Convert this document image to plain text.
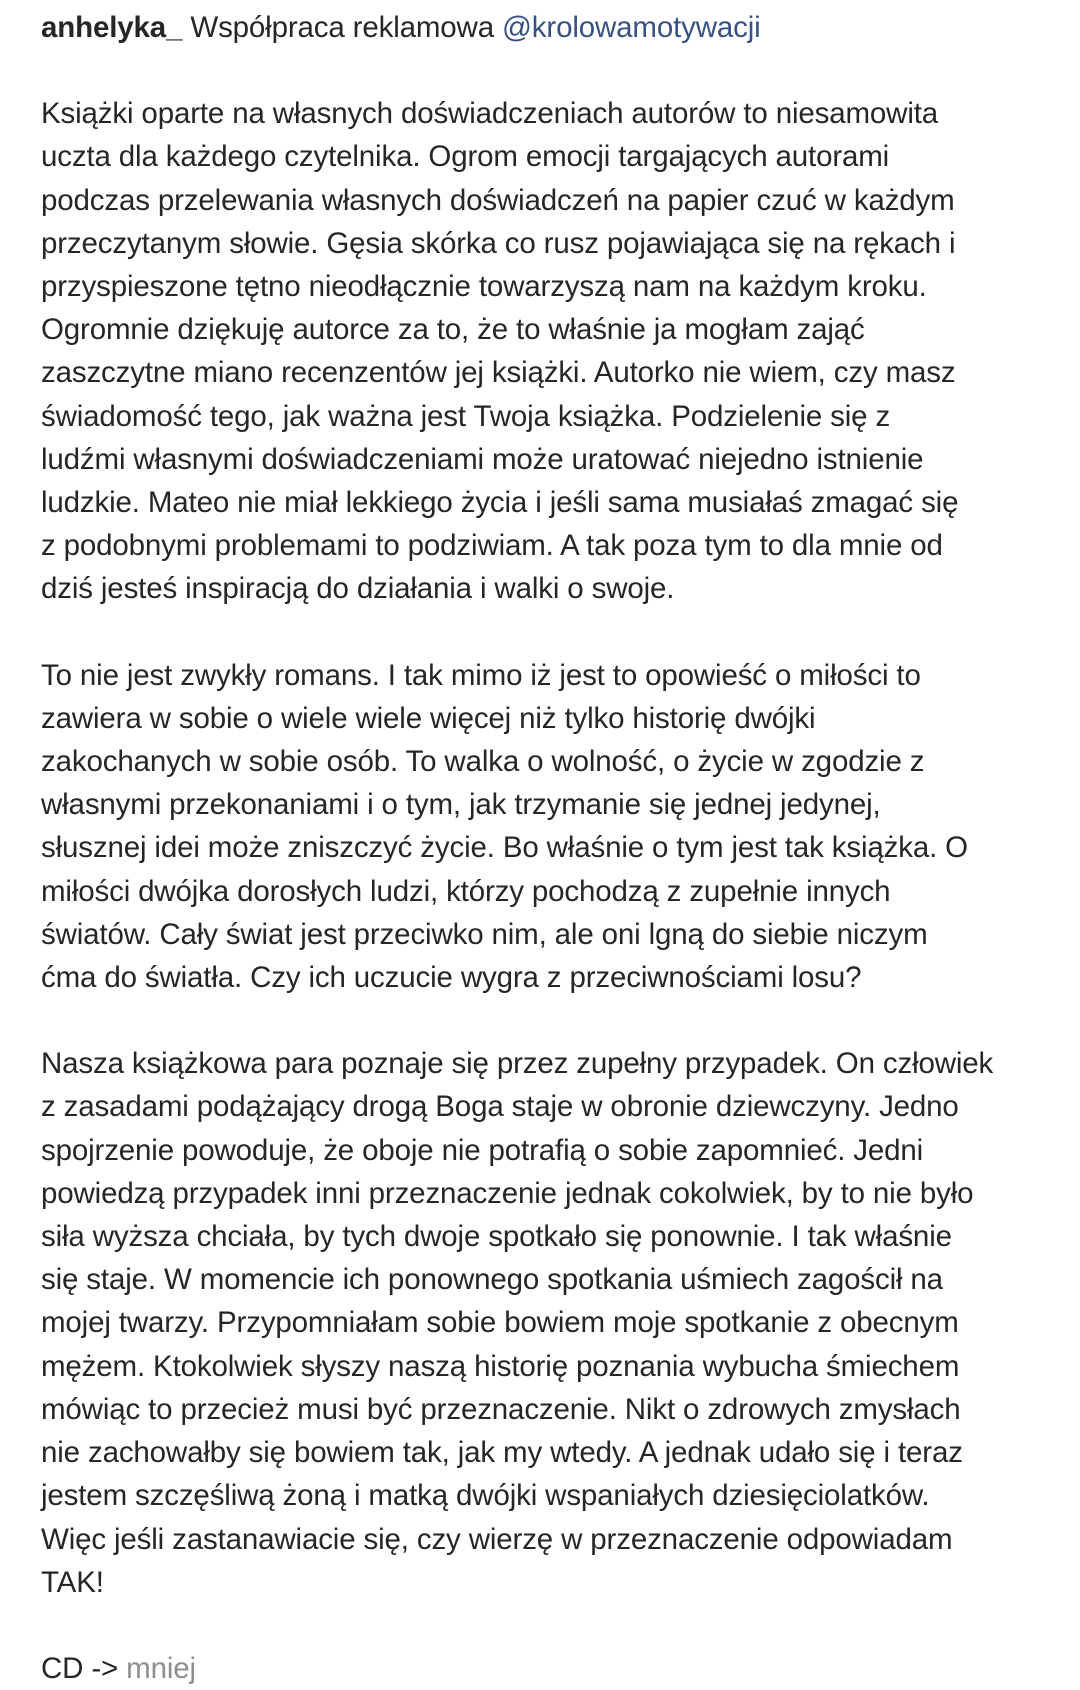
anhelyka_ Współpraca reklamowa @krolowamotywacji

Książki oparte na własnych doświadczeniach autorów to niesamowita
uczta dla każdego czytelnika. Ogrom emocji targających autorami
podczas przelewania własnych doświadczeń na papier czuć w każdym
przeczytanym słowie. Gęsia skórka co rusz pojawiająca się na rękach i
przyspieszone tętno nieodłącznie towarzyszą nam na każdym kroku.
Ogromnie dziękuję autorce za to, że to właśnie ja mogłam zająć
zaszczytne miano recenzentów jej książki. Autorko nie wiem, czy masz
świadomość tego, jak ważna jest Twoja książka. Podzielenie się z
ludźmi własnymi doświadczeniami może uratować niejedno istnienie
ludzkie. Mateo nie miał lekkiego życia i jeśli sama musiałaś zmagać się
z podobnymi problemami to podziwiam. A tak poza tym to dla mnie od
dziś jesteś inspiracją do działania i walki o swoje.

To nie jest zwykły romans. I tak mimo iż jest to opowieść o miłości to
zawiera w sobie o wiele wiele więcej niż tylko historię dwójki
zakochanych w sobie osób. To walka o wolność, o życie w zgodzie z
własnymi przekonaniami i o tym, jak trzymanie się jednej jedynej,
słusznej idei może zniszczyć życie. Bo właśnie o tym jest tak książka. O
miłości dwójka dorosłych ludzi, którzy pochodzą z zupełnie innych
światów. Cały świat jest przeciwko nim, ale oni lgną do siebie niczym
ćma do światła. Czy ich uczucie wygra z przeciwnościami losu?

Nasza książkowa para poznaje się przez zupełny przypadek. On człowiek
z zasadami podążający drogą Boga staje w obronie dziewczyny. Jedno
spojrzenie powoduje, że oboje nie potrafią o sobie zapomnieć. Jedni
powiedzą przypadek inni przeznaczenie jednak cokolwiek, by to nie było
siła wyższa chciała, by tych dwoje spotkało się ponownie. I tak właśnie
się staje. W momencie ich ponownego spotkania uśmiech zagościł na
mojej twarzy. Przypomniałam sobie bowiem moje spotkanie z obecnym
mężem. Ktokolwiek słyszy naszą historię poznania wybucha śmiechem
mówiąc to przecież musi być przeznaczenie. Nikt o zdrowych zmysłach
nie zachowałby się bowiem tak, jak my wtedy. A jednak udało się i teraz
jestem szczęśliwą żoną i matką dwójki wspaniałych dziesięciolatków.
Więc jeśli zastanawiacie się, czy wierzę w przeznaczenie odpowiadam
TAK!

CD -> mniej
